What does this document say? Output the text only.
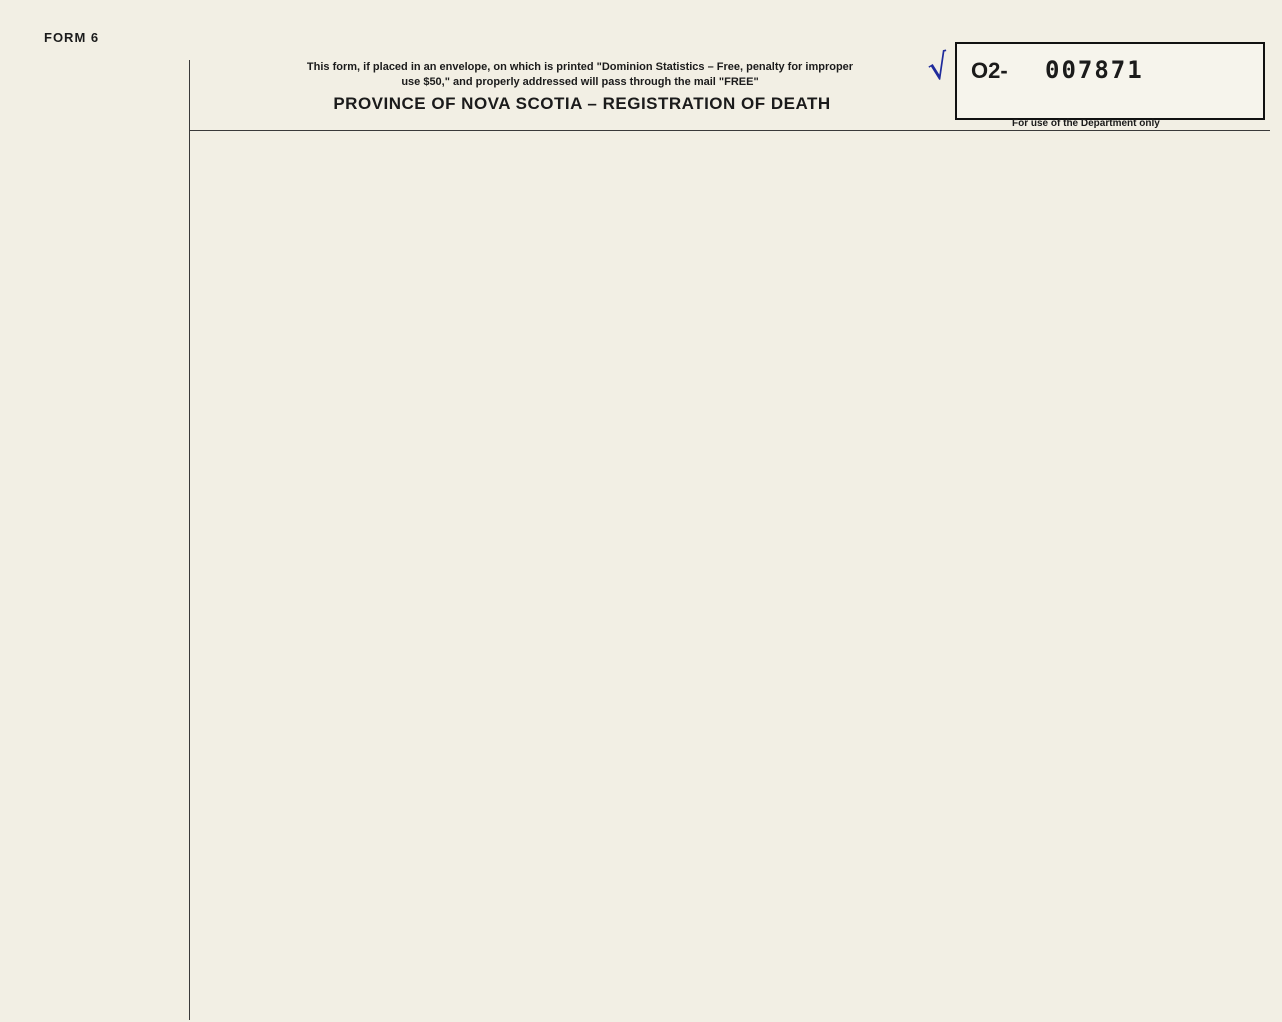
FORM 6
This form, if placed in an envelope, on which is printed "Dominion Statistics – Free, penalty for improper
use $50," and properly addressed will pass through the mail "FREE"
PROVINCE OF NOVA SCOTIA – REGISTRATION OF DEATH
√ O2- 007871
For use of the Department only
